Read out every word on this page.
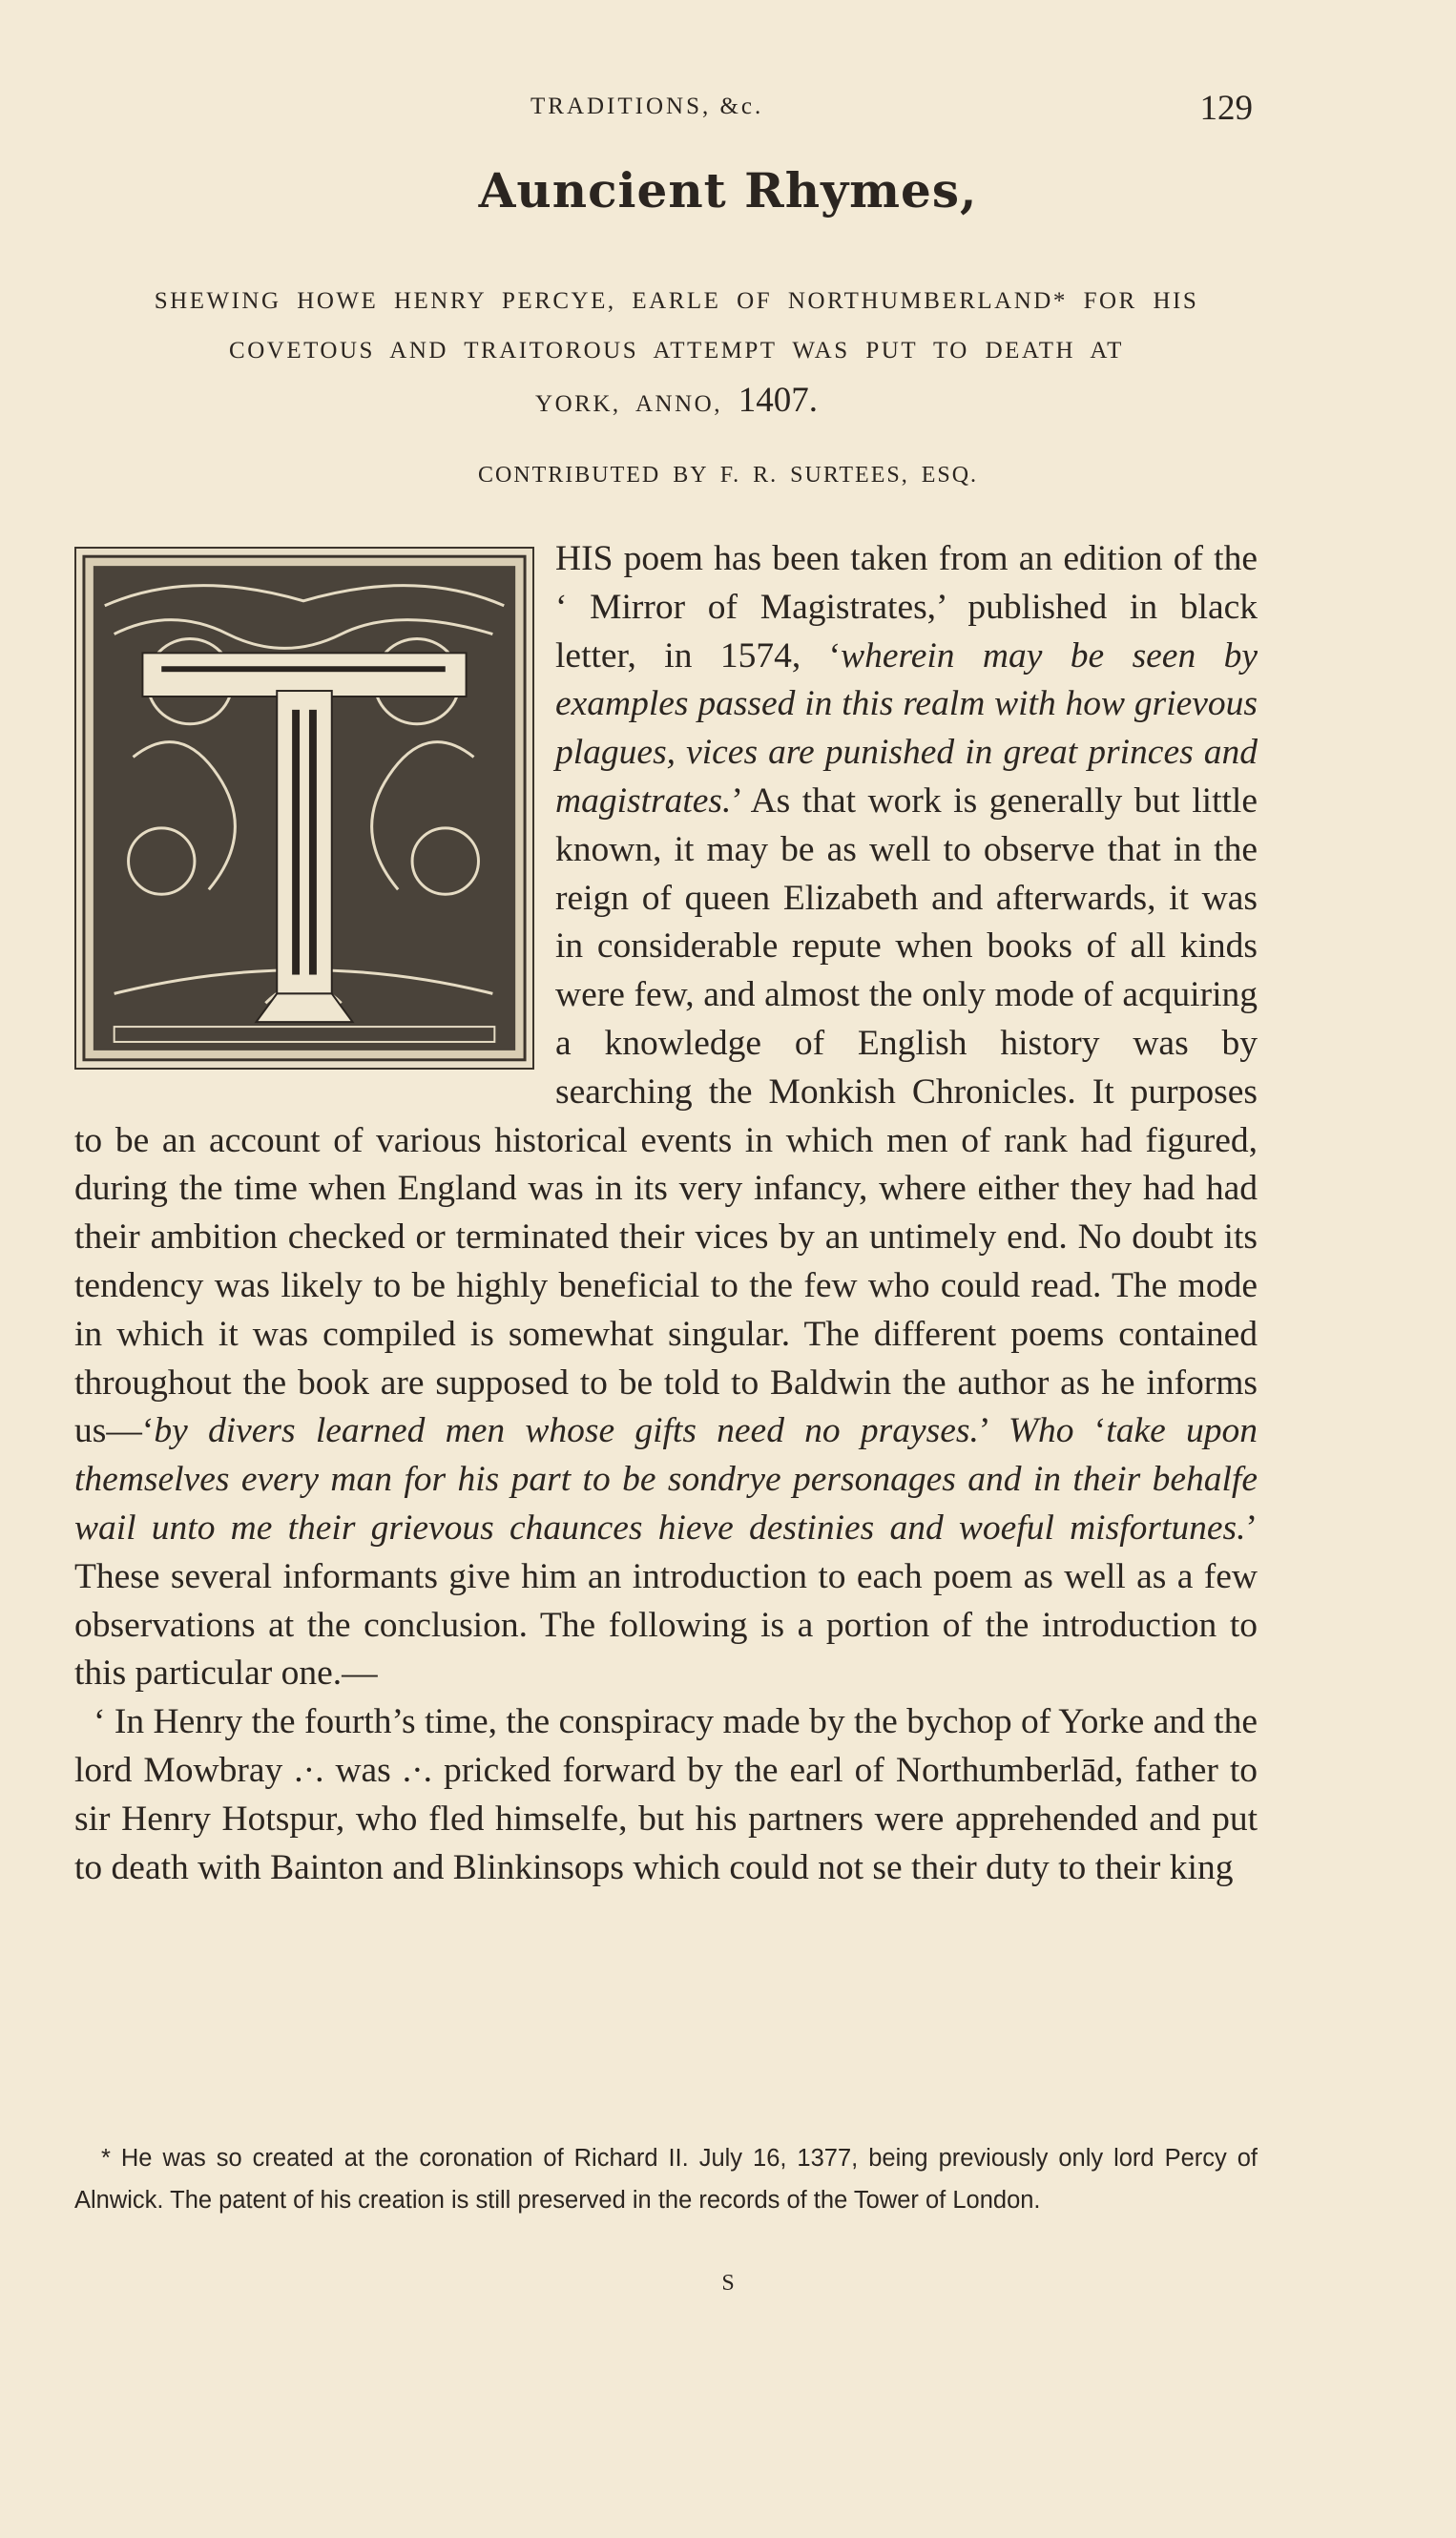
TRADITIONS, &c.	129
Auncient Rhymes,
SHEWING HOWE HENRY PERCYE, EARLE OF NORTHUMBERLAND* FOR HIS
COVETOUS AND TRAITOROUS ATTEMPT WAS PUT TO DEATH AT
YORK, ANNO, 1407.
CONTRIBUTED BY F. R. SURTEES, ESQ.

HIS poem has been taken from an edition of the ‘ Mirror of Magistrates,’ published in black letter, in 1574, ‘wherein may be seen by examples passed in this realm with how grievous plagues, vices are punished in great princes and magistrates.’ As that work is generally but little known, it may be as well to observe that in the reign of queen Elizabeth and afterwards, it was in considerable repute when books of all kinds were few, and almost the only mode of acquiring a knowledge of English history was by searching the Monkish Chronicles. It purposes to be an account of various historical events in which men of rank had figured, during the time when England was in its very infancy, where either they had had their ambition checked or terminated their vices by an untimely end. No doubt its tendency was likely to be highly beneficial to the few who could read. The mode in which it was compiled is somewhat singular. The different poems contained throughout the book are supposed to be told to Baldwin the author as he informs us—‘by divers learned men whose gifts need no prayses.’ Who ‘take upon themselves every man for his part to be sondrye personages and in their behalfe wail unto me their grievous chaunces hieve destinies and woeful misfortunes.’ These several informants give him an introduction to each poem as well as a few observations at the conclusion. The following is a portion of the introduction to this particular one.—

‘ In Henry the fourth’s time, the conspiracy made by the bychop of Yorke and the lord Mowbray .·. was .·. pricked forward by the earl of Northumberlād, father to sir Henry Hotspur, who fled himselfe, but his partners were apprehended and put to death with Bainton and Blinkinsops which could not se their duty to their king

* He was so created at the coronation of Richard II. July 16, 1377, being previously only lord Percy of Alnwick. The patent of his creation is still preserved in the records of the Tower of London.

S
